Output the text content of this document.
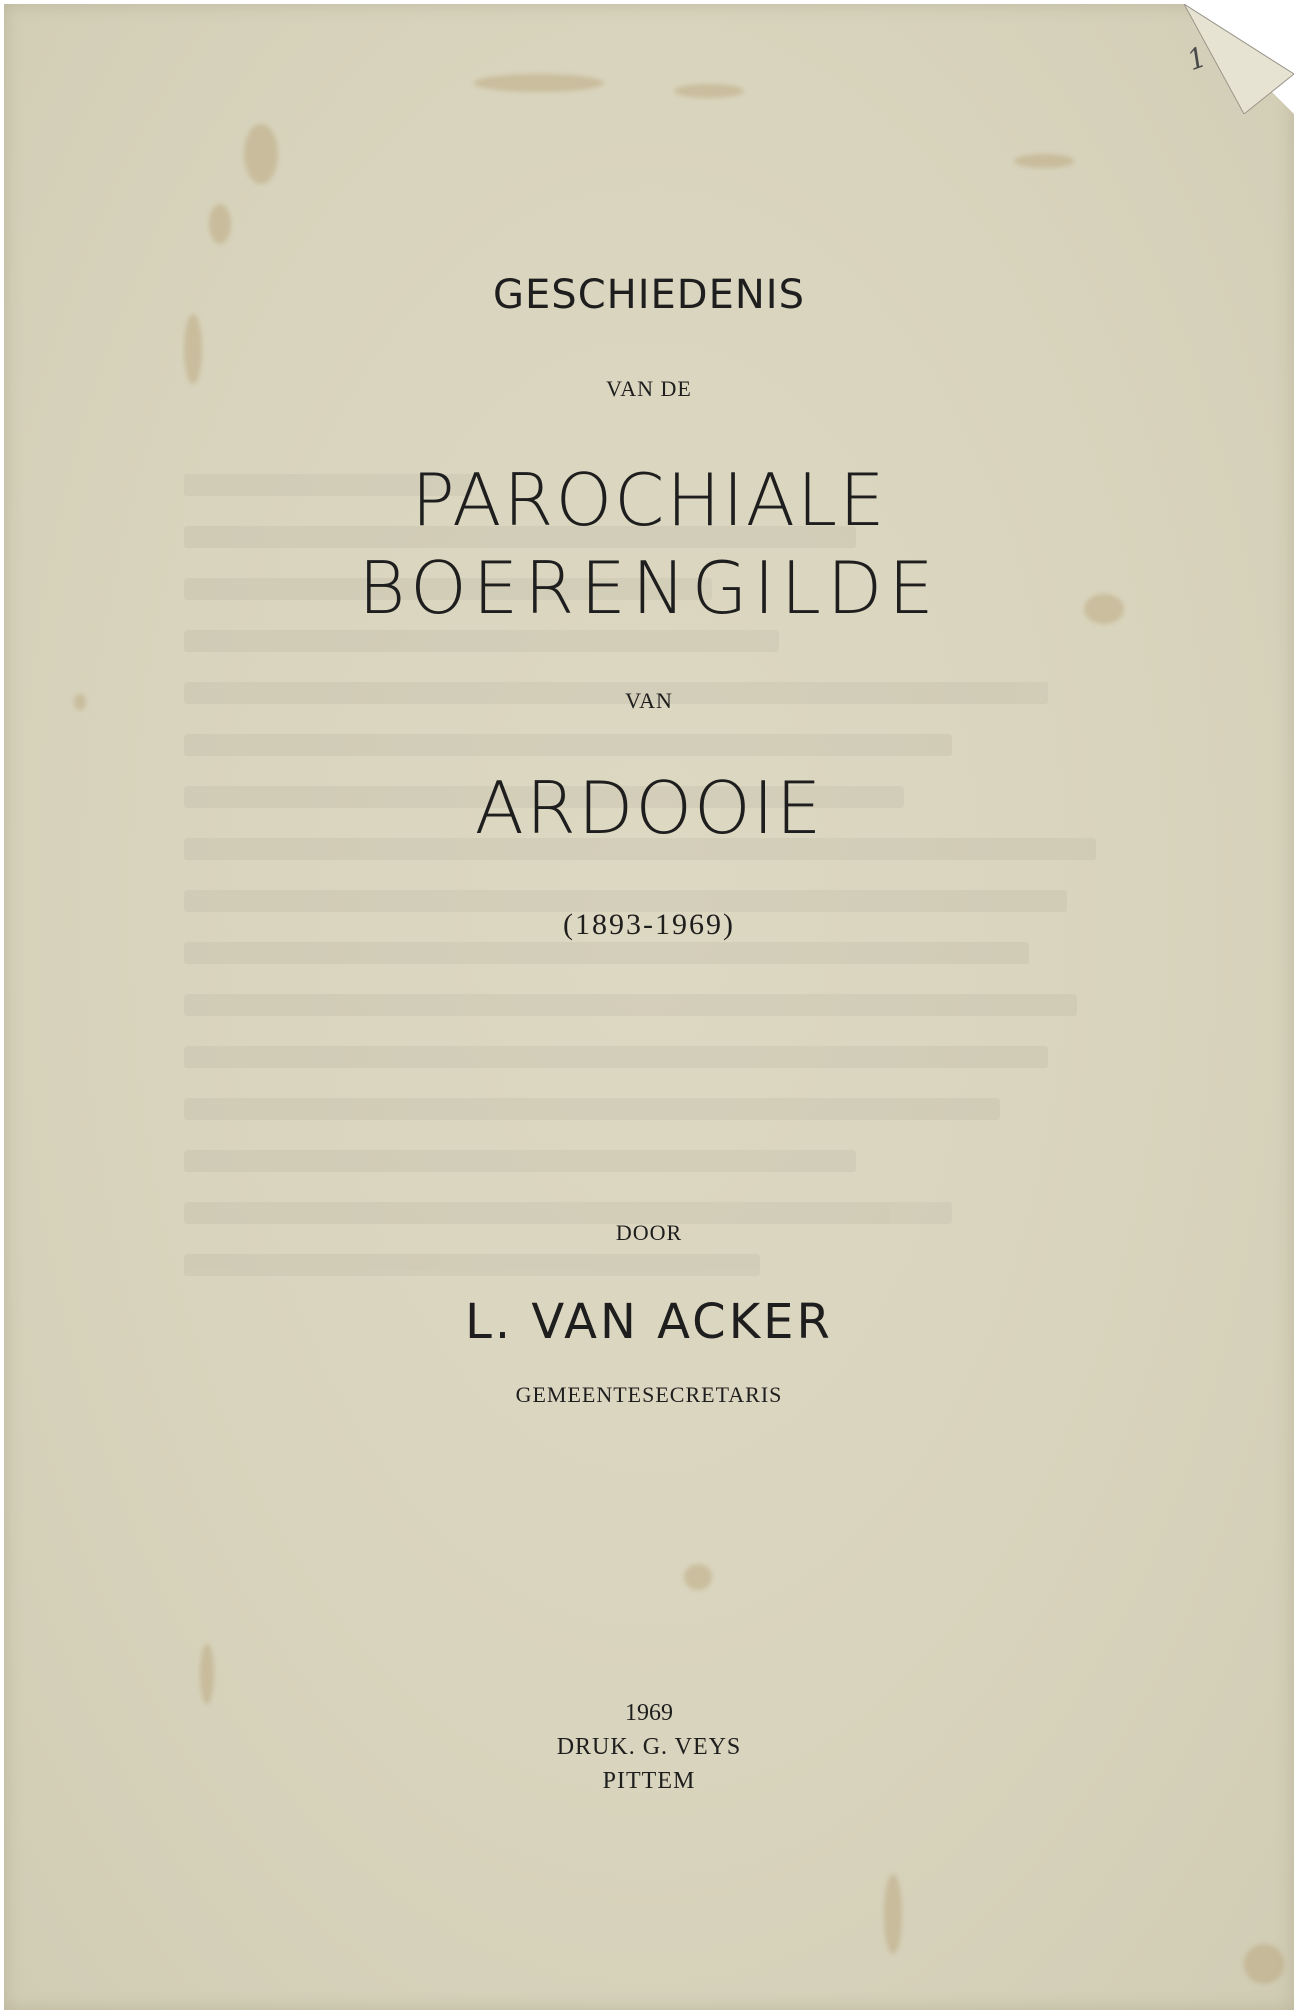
1
GESCHIEDENIS
VAN DE
PAROCHIALE
BOERENGILDE
VAN
ARDOOIE
(1893-1969)
DOOR
L. VAN ACKER
GEMEENTESECRETARIS
1969
DRUK. G. VEYS
PITTEM
